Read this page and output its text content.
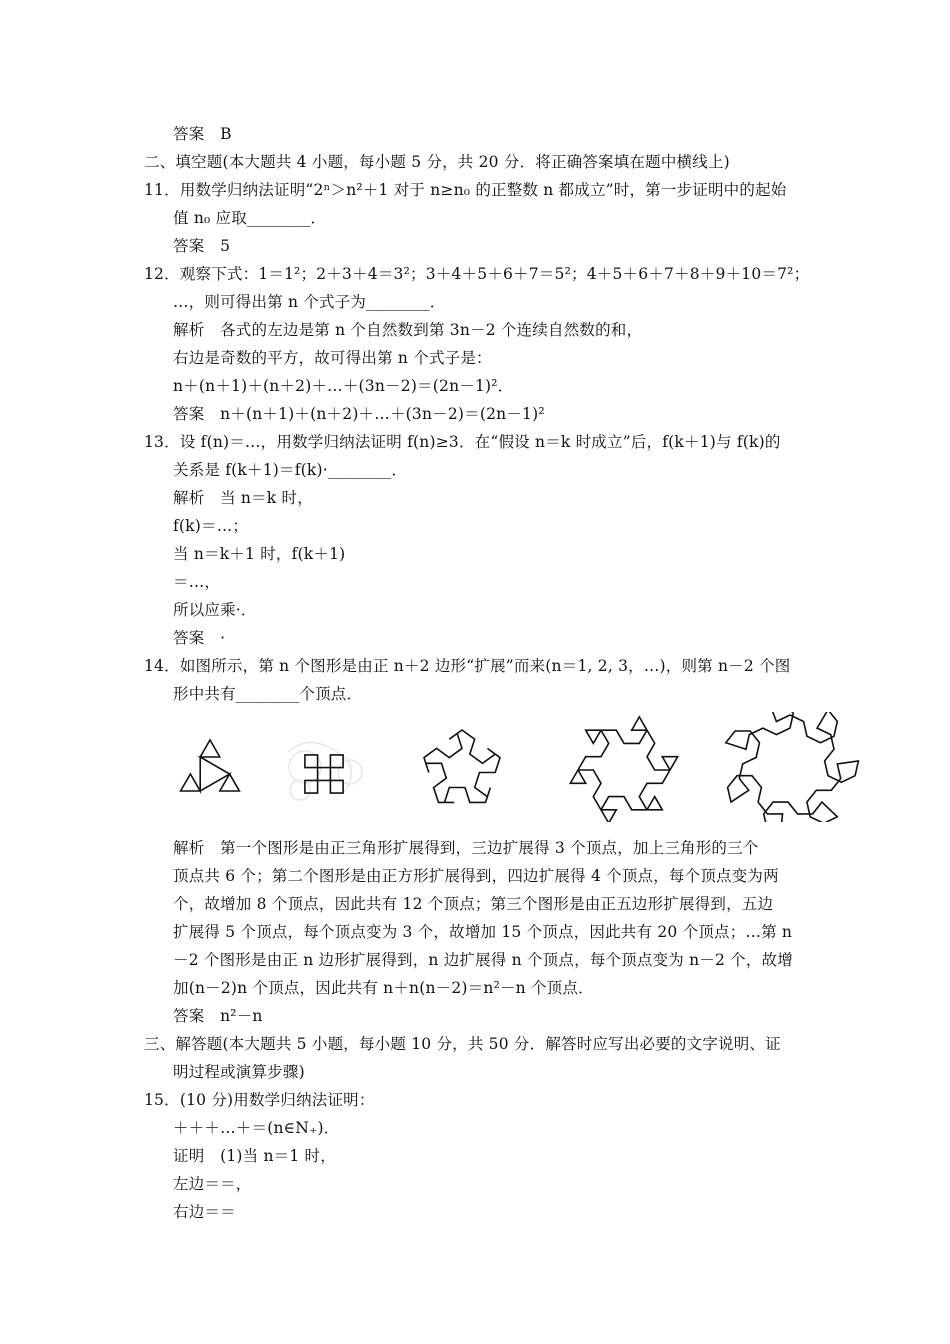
答案　B
二、填空题(本大题共 4 小题，每小题 5 分，共 20 分．将正确答案填在题中横线上)
11．用数学归纳法证明“2ⁿ＞n²＋1 对于 n≥n₀ 的正整数 n 都成立”时，第一步证明中的起始
值 n₀ 应取________．
答案　5
12．观察下式：1＝1²；2＋3＋4＝3²；3＋4＋5＋6＋7＝5²；4＋5＋6＋7＋8＋9＋10＝7²；
…，则可得出第 n 个式子为________．
解析　各式的左边是第 n 个自然数到第 3n－2 个连续自然数的和，
右边是奇数的平方，故可得出第 n 个式子是：
n＋(n＋1)＋(n＋2)＋…＋(3n－2)＝(2n－1)²．
答案　n＋(n＋1)＋(n＋2)＋…＋(3n－2)＝(2n－1)²
13．设 f(n)＝…，用数学归纳法证明 f(n)≥3．在“假设 n＝k 时成立”后，f(k＋1)与 f(k)的
关系是 f(k＋1)＝f(k)·________．
解析　当 n＝k 时，
f(k)＝…；
当 n＝k＋1 时，f(k＋1)
＝…，
所以应乘·．
答案　·
14．如图所示，第 n 个图形是由正 n＋2 边形“扩展”而来(n＝1, 2, 3，…)，则第 n－2 个图
形中共有________个顶点．
解析　第一个图形是由正三角形扩展得到，三边扩展得 3 个顶点，加上三角形的三个
顶点共 6 个；第二个图形是由正方形扩展得到，四边扩展得 4 个顶点，每个顶点变为两
个，故增加 8 个顶点，因此共有 12 个顶点；第三个图形是由正五边形扩展得到，五边
扩展得 5 个顶点，每个顶点变为 3 个，故增加 15 个顶点，因此共有 20 个顶点；…第 n
－2 个图形是由正 n 边形扩展得到，n 边扩展得 n 个顶点，每个顶点变为 n－2 个，故增
加(n－2)n 个顶点，因此共有 n＋n(n－2)＝n²－n 个顶点．
答案　n²－n
三、解答题(本大题共 5 小题，每小题 10 分，共 50 分．解答时应写出必要的文字说明、证
明过程或演算步骤)
15．(10 分)用数学归纳法证明：
＋＋＋…＋＝(n∈N₊)．
证明　(1)当 n＝1 时，
左边＝＝，
右边＝＝
